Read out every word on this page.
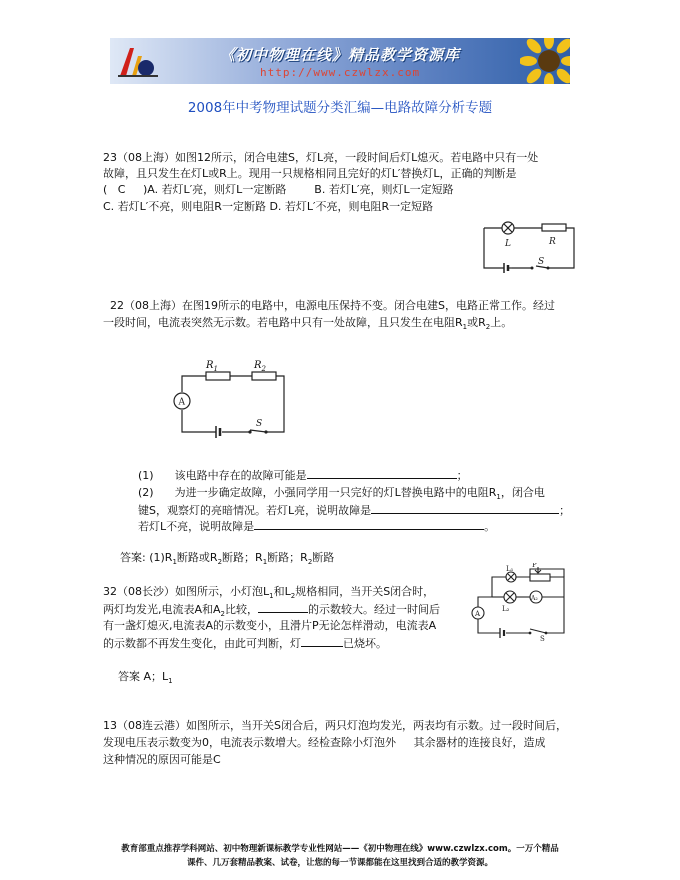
《初中物理在线》精品教学资源库
http://www.czwlzx.com
2008年中考物理试题分类汇编—电路故障分析专题
23（08上海）如图12所示，闭合电建S，灯L亮，一段时间后灯L熄灭。若电路中只有一处
故障，且只发生在灯L或R上。现用一只规格相同且完好的灯L′替换灯L，正确的判断是
(   C     )A. 若灯L′亮，则灯L一定断路        B. 若灯L′亮，则灯L一定短路
C. 若灯L′不亮，则电阻R一定断路 D. 若灯L′不亮，则电阻R一定短路
L	R
S
22（08上海）在图19所示的电路中，电源电压保持不变。闭合电建S，电路正常工作。经过
一段时间，电流表突然无示数。若电路中只有一处故障，且只发生在电阻$R_1$或$R_2$上。
A
S
$R_1$	$R_2$
(1) 该电路中存在的故障可能是	；
(2) 为进一步确定故障，小强同学用一只完好的灯L替换电路中的电阻$R_1$，闭合电
键S，观察灯的亮暗情况。若灯L亮，说明故障是	；
若灯L不亮，说明故障是	。
答案: $(1)R_1$断路或$R_2$断路；$R_1$断路；$R_2$断路
32（08长沙）如图所示，小灯泡$L_1$和$L_2$规格相同，当开关S闭合时，
两灯均发光,电流表A和$A_2$比较，	的示数较大。经过一时间后
有一盏灯熄灭,电流表A的示数变小，且滑片P无论怎样滑动，电流表A
的示数都不再发生变化，由此可判断，灯	已烧坏。
L₁	P
L₂
A₂
A
S
答案 A；$L_1$
13（08连云港）如图所示，当开关S闭合后，两只灯泡均发光，两表均有示数。过一段时间后，
发现电压表示数变为0，电流表示数增大。经检查除小灯泡外     其余器材的连接良好，造成
这种情况的原因可能是C
教育部重点推荐学科网站、初中物理新课标教学专业性网站——《初中物理在线》www.czwlzx.com。一万个精品
课件、几万套精品教案、试卷，让您的每一节课都能在这里找到合适的教学资源。
